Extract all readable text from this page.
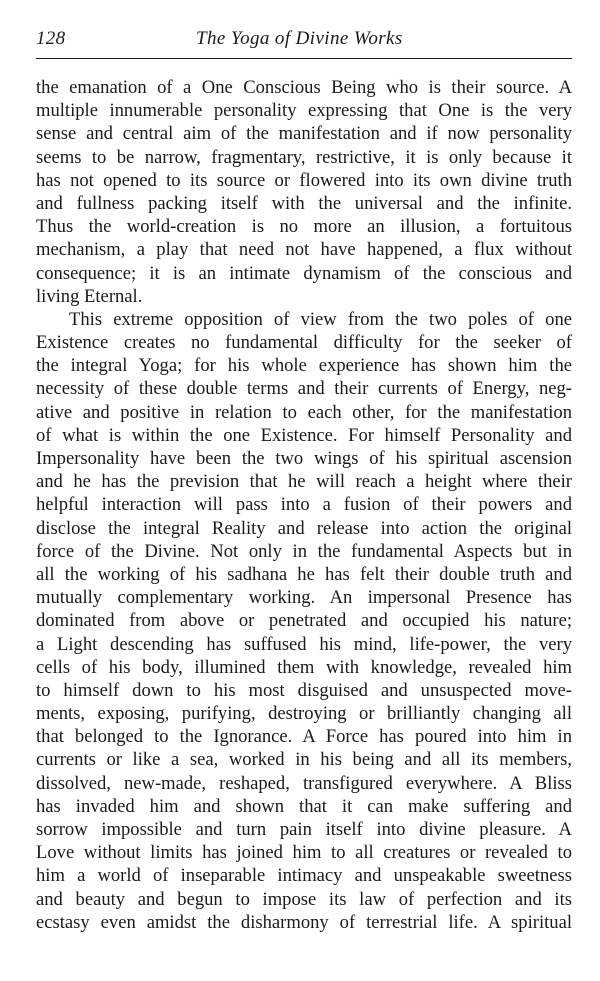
128	The Yoga of Divine Works
the emanation of a One Conscious Being who is their source. A
multiple innumerable personality expressing that One is the very
sense and central aim of the manifestation and if now personality
seems to be narrow, fragmentary, restrictive, it is only because it
has not opened to its source or flowered into its own divine truth
and fullness packing itself with the universal and the infinite.
Thus the world-creation is no more an illusion, a fortuitous
mechanism, a play that need not have happened, a flux without
consequence; it is an intimate dynamism of the conscious and
living Eternal.
This extreme opposition of view from the two poles of one
Existence creates no fundamental difficulty for the seeker of
the integral Yoga; for his whole experience has shown him the
necessity of these double terms and their currents of Energy, neg-
ative and positive in relation to each other, for the manifestation
of what is within the one Existence. For himself Personality and
Impersonality have been the two wings of his spiritual ascension
and he has the prevision that he will reach a height where their
helpful interaction will pass into a fusion of their powers and
disclose the integral Reality and release into action the original
force of the Divine. Not only in the fundamental Aspects but in
all the working of his sadhana he has felt their double truth and
mutually complementary working. An impersonal Presence has
dominated from above or penetrated and occupied his nature;
a Light descending has suffused his mind, life-power, the very
cells of his body, illumined them with knowledge, revealed him
to himself down to his most disguised and unsuspected move-
ments, exposing, purifying, destroying or brilliantly changing all
that belonged to the Ignorance. A Force has poured into him in
currents or like a sea, worked in his being and all its members,
dissolved, new-made, reshaped, transfigured everywhere. A Bliss
has invaded him and shown that it can make suffering and
sorrow impossible and turn pain itself into divine pleasure. A
Love without limits has joined him to all creatures or revealed to
him a world of inseparable intimacy and unspeakable sweetness
and beauty and begun to impose its law of perfection and its
ecstasy even amidst the disharmony of terrestrial life. A spiritual
